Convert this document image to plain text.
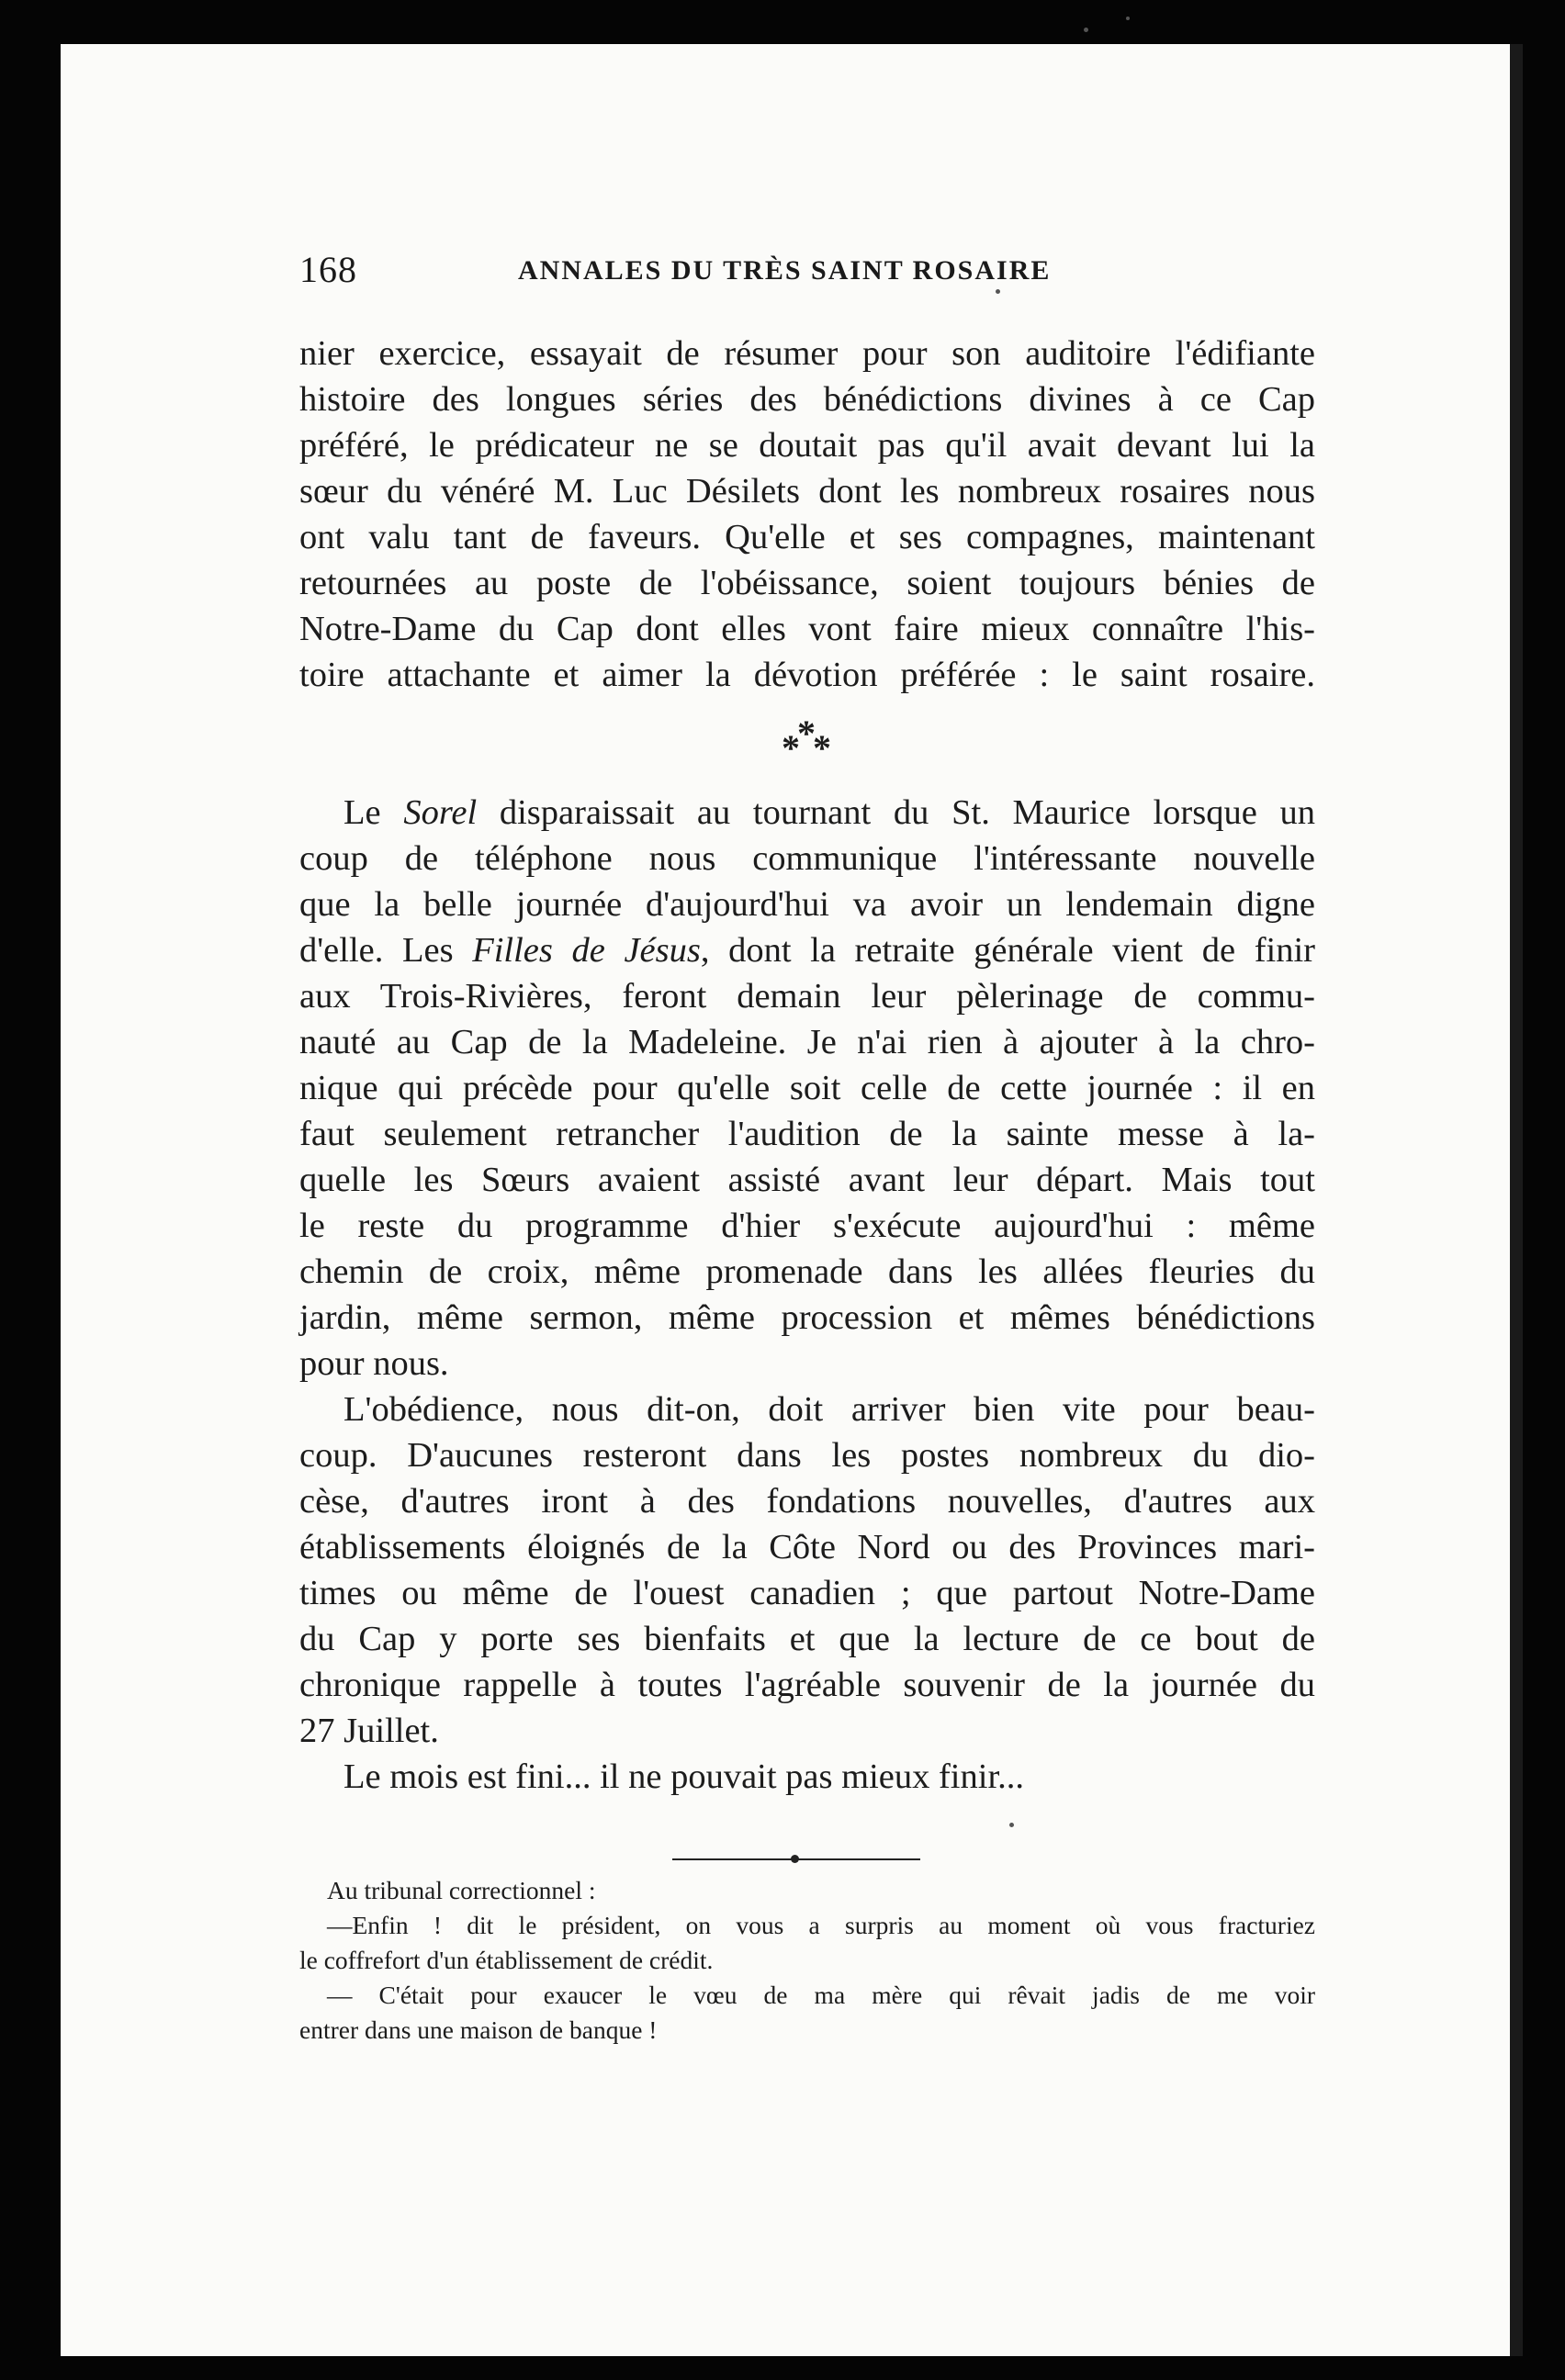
168	ANNALES DU TRÈS SAINT ROSAIRE

nier exercice, essayait de résumer pour son auditoire l'édifiante

histoire des longues séries des bénédictions divines à ce Cap

préféré, le prédicateur ne se doutait pas qu'il avait devant lui la

sœur du vénéré M. Luc Désilets dont les nombreux rosaires nous

ont valu tant de faveurs. Qu'elle et ses compagnes, maintenant

retournées au poste de l'obéissance, soient toujours bénies de

Notre-Dame du Cap dont elles vont faire mieux connaître l'his-

toire attachante et aimer la dévotion préférée : le saint rosaire.

*
*
*

Le Sorel disparaissait au tournant du St. Maurice lorsque un

coup de téléphone nous communique l'intéressante nouvelle

que la belle journée d'aujourd'hui va avoir un lendemain digne

d'elle. Les Filles de Jésus, dont la retraite générale vient de finir

aux Trois-Rivières, feront demain leur pèlerinage de commu-

nauté au Cap de la Madeleine. Je n'ai rien à ajouter à la chro-

nique qui précède pour qu'elle soit celle de cette journée : il en

faut seulement retrancher l'audition de la sainte messe à la-

quelle les Sœurs avaient assisté avant leur départ. Mais tout

le reste du programme d'hier s'exécute aujourd'hui : même

chemin de croix, même promenade dans les allées fleuries du

jardin, même sermon, même procession et mêmes bénédictions

pour nous.

L'obédience, nous dit-on, doit arriver bien vite pour beau-

coup. D'aucunes resteront dans les postes nombreux du dio-

cèse, d'autres iront à des fondations nouvelles, d'autres aux

établissements éloignés de la Côte Nord ou des Provinces mari-

times ou même de l'ouest canadien ; que partout Notre-Dame

du Cap y porte ses bienfaits et que la lecture de ce bout de

chronique rappelle à toutes l'agréable souvenir de la journée du

27 Juillet.

Le mois est fini... il ne pouvait pas mieux finir...

Au tribunal correctionnel :

—Enfin ! dit le président, on vous a surpris au moment où vous fracturiez

le coffrefort d'un établissement de crédit.

— C'était pour exaucer le vœu de ma mère qui rêvait jadis de me voir

entrer dans une maison de banque !
